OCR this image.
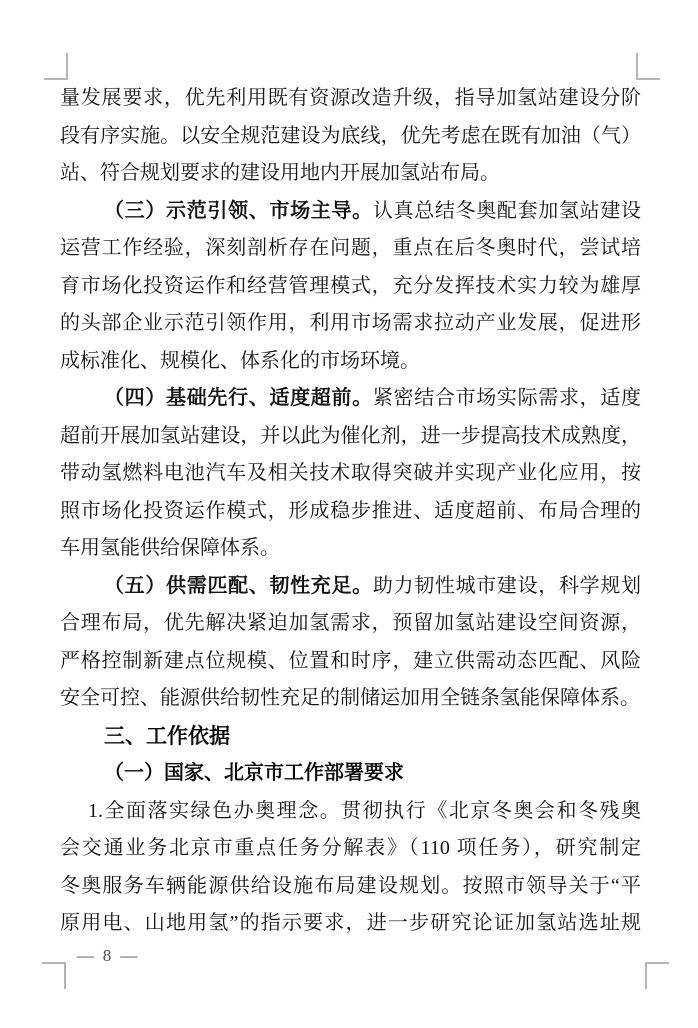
量发展要求，优先利用既有资源改造升级，指导加氢站建设分阶
段有序实施。以安全规范建设为底线，优先考虑在既有加油（气）
站、符合规划要求的建设用地内开展加氢站布局。
（三）示范引领、市场主导。认真总结冬奥配套加氢站建设
运营工作经验，深刻剖析存在问题，重点在后冬奥时代，尝试培
育市场化投资运作和经营管理模式，充分发挥技术实力较为雄厚
的头部企业示范引领作用，利用市场需求拉动产业发展，促进形
成标准化、规模化、体系化的市场环境。
（四）基础先行、适度超前。紧密结合市场实际需求，适度
超前开展加氢站建设，并以此为催化剂，进一步提高技术成熟度，
带动氢燃料电池汽车及相关技术取得突破并实现产业化应用，按
照市场化投资运作模式，形成稳步推进、适度超前、布局合理的
车用氢能供给保障体系。
（五）供需匹配、韧性充足。助力韧性城市建设，科学规划
合理布局，优先解决紧迫加氢需求，预留加氢站建设空间资源，
严格控制新建点位规模、位置和时序，建立供需动态匹配、风险
安全可控、能源供给韧性充足的制储运加用全链条氢能保障体系。
三、工作依据
（一）国家、北京市工作部署要求
1.全面落实绿色办奥理念。贯彻执行《北京冬奥会和冬残奥
会交通业务北京市重点任务分解表》（110 项任务），研究制定
冬奥服务车辆能源供给设施布局建设规划。按照市领导关于“平
原用电、山地用氢”的指示要求，进一步研究论证加氢站选址规
— 8 —
